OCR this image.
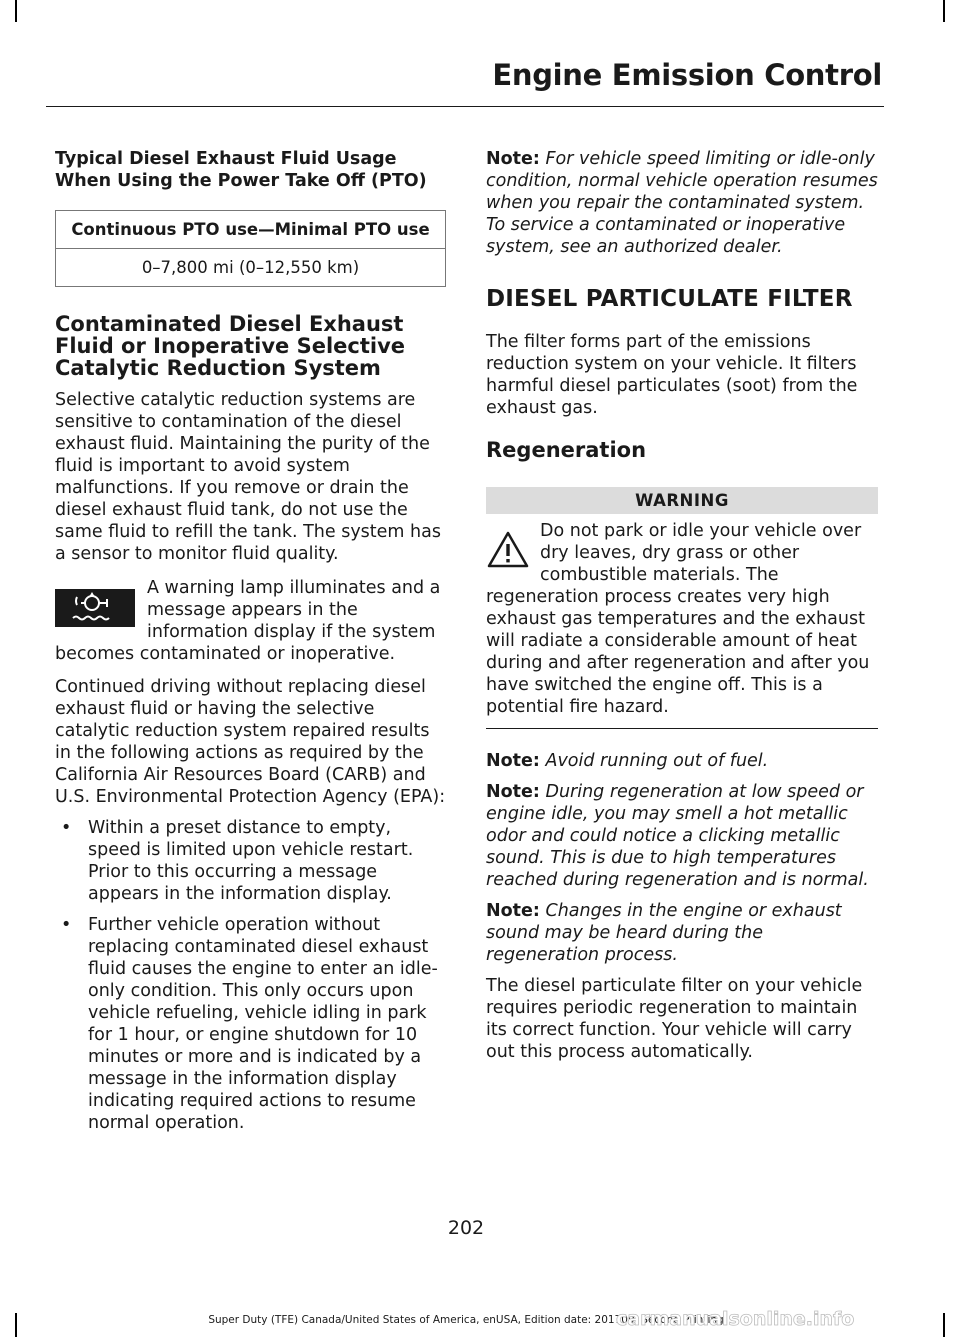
Engine Emission Control

Typical Diesel Exhaust Fluid Usage When Using the Power Take Off (PTO)

Continuous PTO use—Minimal PTO use
0–7,800 mi (0–12,550 km)

Contaminated Diesel Exhaust Fluid or Inoperative Selective Catalytic Reduction System

Selective catalytic reduction systems are sensitive to contamination of the diesel exhaust fluid. Maintaining the purity of the fluid is important to avoid system malfunctions. If you remove or drain the diesel exhaust fluid tank, do not use the same fluid to refill the tank. The system has a sensor to monitor fluid quality.

A warning lamp illuminates and a message appears in the information display if the system becomes contaminated or inoperative.

Continued driving without replacing diesel exhaust fluid or having the selective catalytic reduction system repaired results in the following actions as required by the California Air Resources Board (CARB) and U.S. Environmental Protection Agency (EPA):

• Within a preset distance to empty, speed is limited upon vehicle restart. Prior to this occurring a message appears in the information display.
• Further vehicle operation without replacing contaminated diesel exhaust fluid causes the engine to enter an idle-only condition. This only occurs upon vehicle refueling, vehicle idling in park for 1 hour, or engine shutdown for 10 minutes or more and is indicated by a message in the information display indicating required actions to resume normal operation.

Note: For vehicle speed limiting or idle-only condition, normal vehicle operation resumes when you repair the contaminated system. To service a contaminated or inoperative system, see an authorized dealer.

DIESEL PARTICULATE FILTER

The filter forms part of the emissions reduction system on your vehicle. It filters harmful diesel particulates (soot) from the exhaust gas.

Regeneration

WARNING

Do not park or idle your vehicle over dry leaves, dry grass or other combustible materials. The regeneration process creates very high exhaust gas temperatures and the exhaust will radiate a considerable amount of heat during and after regeneration and after you have switched the engine off. This is a potential fire hazard.

Note: Avoid running out of fuel.

Note: During regeneration at low speed or engine idle, you may smell a hot metallic odor and could notice a clicking metallic sound. This is due to high temperatures reached during regeneration and is normal.

Note: Changes in the engine or exhaust sound may be heard during the regeneration process.

The diesel particulate filter on your vehicle requires periodic regeneration to maintain its correct function. Your vehicle will carry out this process automatically.

202
Super Duty (TFE) Canada/United States of America, enUSA, Edition date: 201709, Second Printing
carmanualsonline.info
